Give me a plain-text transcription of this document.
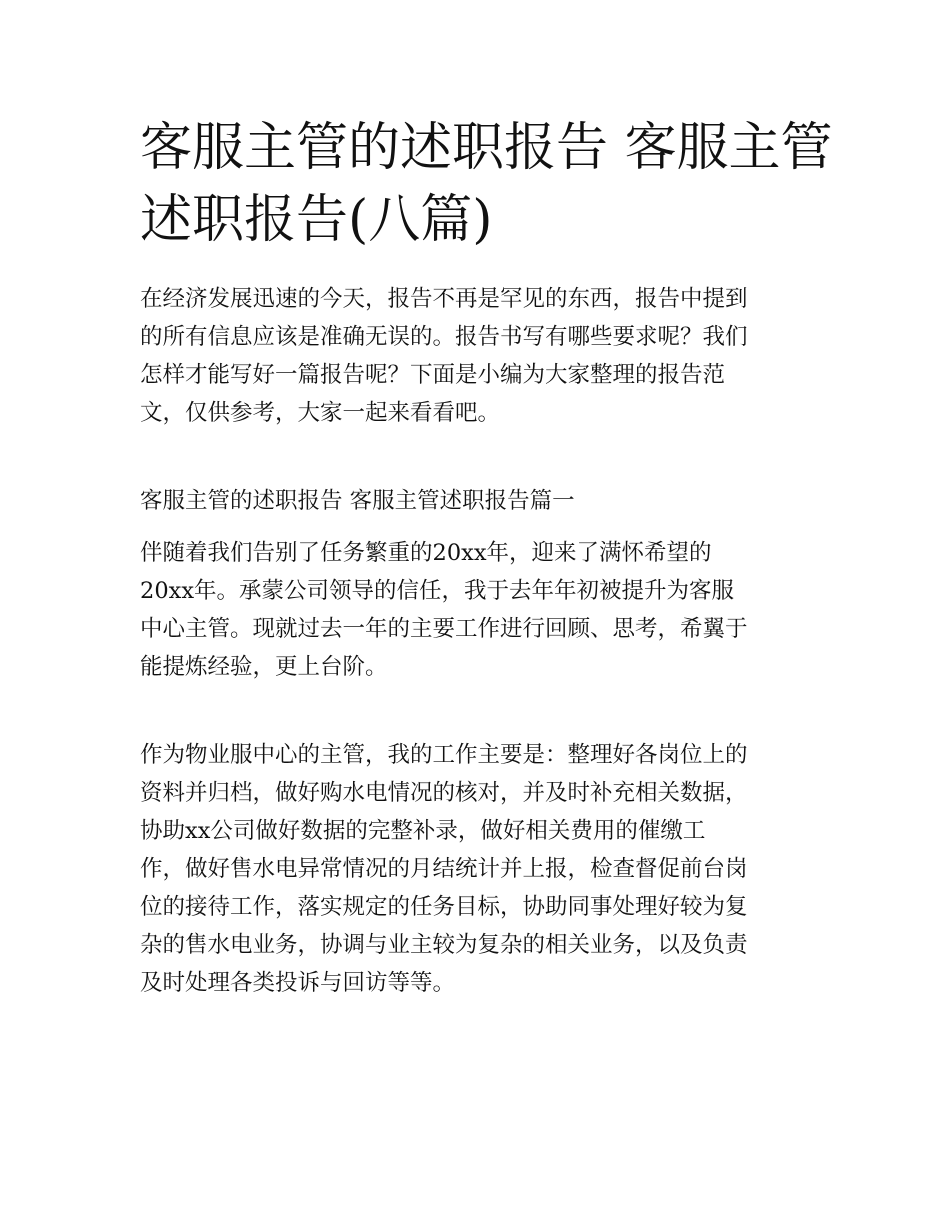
客服主管的述职报告 客服主管
述职报告(八篇)
在经济发展迅速的今天，报告不再是罕见的东西，报告中提到
的所有信息应该是准确无误的。报告书写有哪些要求呢？我们
怎样才能写好一篇报告呢？下面是小编为大家整理的报告范
文，仅供参考，大家一起来看看吧。
客服主管的述职报告 客服主管述职报告篇一
伴随着我们告别了任务繁重的20xx年，迎来了满怀希望的
20xx年。承蒙公司领导的信任，我于去年年初被提升为客服
中心主管。现就过去一年的主要工作进行回顾、思考，希翼于
能提炼经验，更上台阶。
作为物业服中心的主管，我的工作主要是：整理好各岗位上的
资料并归档，做好购水电情况的核对，并及时补充相关数据，
协助xx公司做好数据的完整补录，做好相关费用的催缴工
作，做好售水电异常情况的月结统计并上报，检查督促前台岗
位的接待工作，落实规定的任务目标，协助同事处理好较为复
杂的售水电业务，协调与业主较为复杂的相关业务，以及负责
及时处理各类投诉与回访等等。
